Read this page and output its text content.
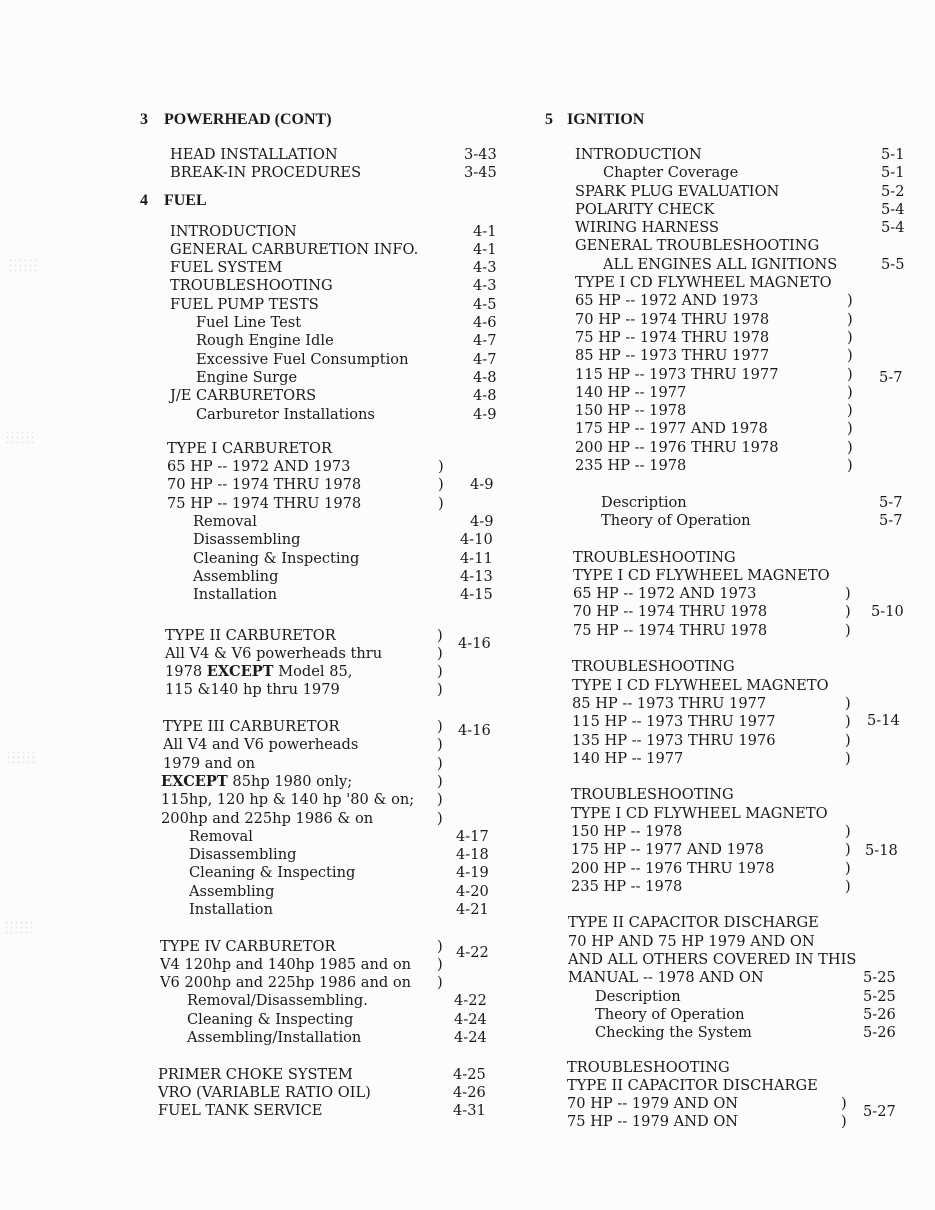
3 POWERHEAD (CONT)
HEAD INSTALLATION	3-43
BREAK-IN PROCEDURES	3-45
4 FUEL
INTRODUCTION	4-1
GENERAL CARBURETION INFO.	4-1
FUEL SYSTEM	4-3
TROUBLESHOOTING	4-3
FUEL PUMP TESTS	4-5
Fuel Line Test	4-6
Rough Engine Idle	4-7
Excessive Fuel Consumption	4-7
Engine Surge	4-8
J/E CARBURETORS	4-8
Carburetor Installations	4-9
TYPE I CARBURETOR
65 HP -- 1972 AND 1973	)
70 HP -- 1974 THRU 1978	) 4-9
75 HP -- 1974 THRU 1978	)
Removal	4-9
Disassembling	4-10
Cleaning & Inspecting	4-11
Assembling	4-13
Installation	4-15
TYPE II CARBURETOR	)
All V4 & V6 powerheads thru	)
1978 EXCEPT Model 85,	)
115 &140 hp thru 1979	)
4-16
TYPE III CARBURETOR	)
All V4 and V6 powerheads	)
1979 and on	)
EXCEPT 85hp 1980 only;	)
115hp, 120 hp & 140 hp '80 & on; )
200hp and 225hp 1986 & on	)
4-16
Removal	4-17
Disassembling	4-18
Cleaning & Inspecting	4-19
Assembling	4-20
Installation	4-21
TYPE IV CARBURETOR	)
V4 120hp and 140hp 1985 and on )
V6 200hp and 225hp 1986 and on )
4-22
Removal/Disassembling.	4-22
Cleaning & Inspecting	4-24
Assembling/Installation	4-24
PRIMER CHOKE SYSTEM	4-25
VRO (VARIABLE RATIO OIL)	4-26
FUEL TANK SERVICE	4-31
5 IGNITION
INTRODUCTION	5-1
Chapter Coverage	5-1
SPARK PLUG EVALUATION	5-2
POLARITY CHECK	5-4
WIRING HARNESS	5-4
GENERAL TROUBLESHOOTING
ALL ENGINES ALL IGNITIONS	5-5
TYPE I CD FLYWHEEL MAGNETO
65 HP -- 1972 AND 1973	)
70 HP -- 1974 THRU 1978	)
75 HP -- 1974 THRU 1978	)
85 HP -- 1973 THRU 1977	)
115 HP -- 1973 THRU 1977	)
140 HP -- 1977	)
150 HP -- 1978	)
175 HP -- 1977 AND 1978	)
200 HP -- 1976 THRU 1978	)
235 HP -- 1978	)
5-7
Description	5-7
Theory of Operation	5-7
TROUBLESHOOTING
TYPE I CD FLYWHEEL MAGNETO
65 HP -- 1972 AND 1973	)
70 HP -- 1974 THRU 1978	) 5-10
75 HP -- 1974 THRU 1978	)
TROUBLESHOOTING
TYPE I CD FLYWHEEL MAGNETO
85 HP -- 1973 THRU 1977	)
115 HP -- 1973 THRU 1977	)
135 HP -- 1973 THRU 1976	)
140 HP -- 1977	)
5-14
TROUBLESHOOTING
TYPE I CD FLYWHEEL MAGNETO
150 HP -- 1978	)
175 HP -- 1977 AND 1978	)
200 HP -- 1976 THRU 1978	)
235 HP -- 1978	)
5-18
TYPE II CAPACITOR DISCHARGE
70 HP AND 75 HP 1979 AND ON
AND ALL OTHERS COVERED IN THIS
MANUAL -- 1978 AND ON	5-25
Description	5-25
Theory of Operation	5-26
Checking the System	5-26
TROUBLESHOOTING
TYPE II CAPACITOR DISCHARGE
70 HP -- 1979 AND ON	)
75 HP -- 1979 AND ON	)
5-27
